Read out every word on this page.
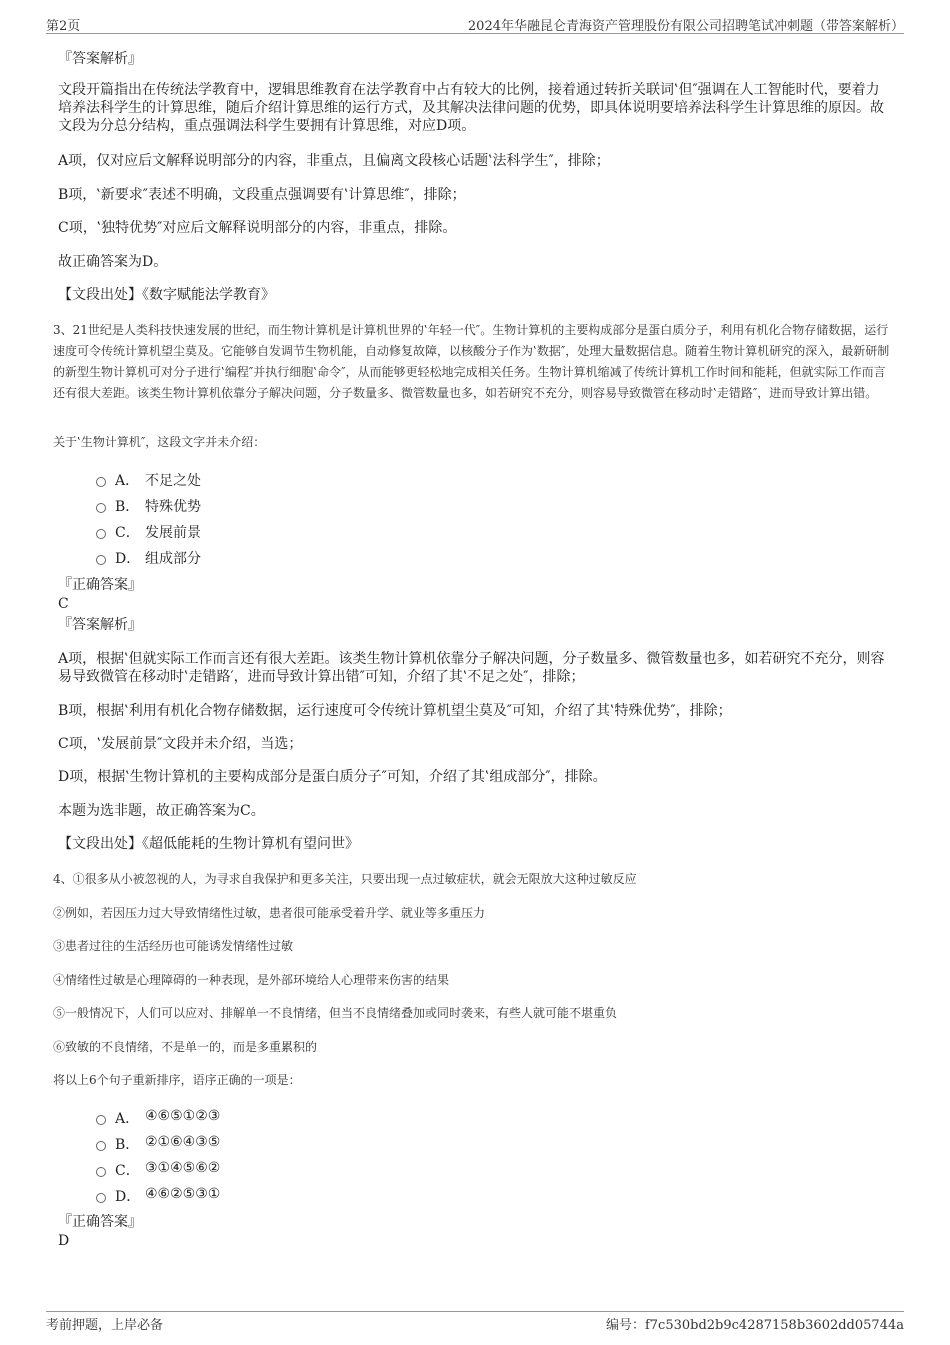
第2页	2024年华融昆仑青海资产管理股份有限公司招聘笔试冲刺题（带答案解析）
『答案解析』
文段开篇指出在传统法学教育中，逻辑思维教育在法学教育中占有较大的比例，接着通过转折关联词‛但″强调在人工智能时代，要着力培养法科学生的计算思维，随后介绍计算思维的运行方式，及其解决法律问题的优势，即具体说明要培养法科学生计算思维的原因。故文段为分总分结构，重点强调法科学生要拥有计算思维，对应D项。
A项，仅对应后文解释说明部分的内容，非重点，且偏离文段核心话题‛法科学生″，排除；
B项，‛新要求″表述不明确，文段重点强调要有‛计算思维″，排除；
C项，‛独特优势″对应后文解释说明部分的内容，非重点，排除。
故正确答案为D。
【文段出处】《数字赋能法学教育》
3、21世纪是人类科技快速发展的世纪，而生物计算机是计算机世界的‛年轻一代″。生物计算机的主要构成部分是蛋白质分子，利用有机化合物存储数据，运行速度可令传统计算机望尘莫及。它能够自发调节生物机能，自动修复故障，以核酸分子作为‛数据″，处理大量数据信息。随着生物计算机研究的深入，最新研制的新型生物计算机可对分子进行‛编程″并执行细胞‛命令″，从而能够更轻松地完成相关任务。生物计算机缩减了传统计算机工作时间和能耗，但就实际工作而言还有很大差距。该类生物计算机依靠分子解决问题，分子数量多、微管数量也多，如若研究不充分，则容易导致微管在移动时‛走错路″，进而导致计算出错。
关于‛生物计算机″，这段文字并未介绍：
A． 不足之处
B． 特殊优势
C． 发展前景
D． 组成部分
『正确答案』
C
『答案解析』
A项，根据‛但就实际工作而言还有很大差距。该类生物计算机依靠分子解决问题，分子数量多、微管数量也多，如若研究不充分，则容易导致微管在移动时‛走错路′，进而导致计算出错″可知，介绍了其‛不足之处″，排除；
B项，根据‛利用有机化合物存储数据，运行速度可令传统计算机望尘莫及″可知，介绍了其‛特殊优势″，排除；
C项，‛发展前景″文段并未介绍，当选；
D项，根据‛生物计算机的主要构成部分是蛋白质分子″可知，介绍了其‛组成部分″，排除。
本题为选非题，故正确答案为C。
【文段出处】《超低能耗的生物计算机有望问世》
4、①很多从小被忽视的人，为寻求自我保护和更多关注，只要出现一点过敏症状，就会无限放大这种过敏反应
②例如，若因压力过大导致情绪性过敏，患者很可能承受着升学、就业等多重压力
③患者过往的生活经历也可能诱发情绪性过敏
④情绪性过敏是心理障碍的一种表现，是外部环境给人心理带来伤害的结果
⑤一般情况下，人们可以应对、排解单一不良情绪，但当不良情绪叠加或同时袭来，有些人就可能不堪重负
⑥致敏的不良情绪，不是单一的，而是多重累积的
将以上6个句子重新排序，语序正确的一项是：
A． ④⑥⑤①②③
B． ②①⑥④③⑤
C． ③①④⑤⑥②
D． ④⑥②⑤③①
『正确答案』
D
考前押题，上岸必备	编号：f7c530bd2b9c4287158b3602dd05744a
